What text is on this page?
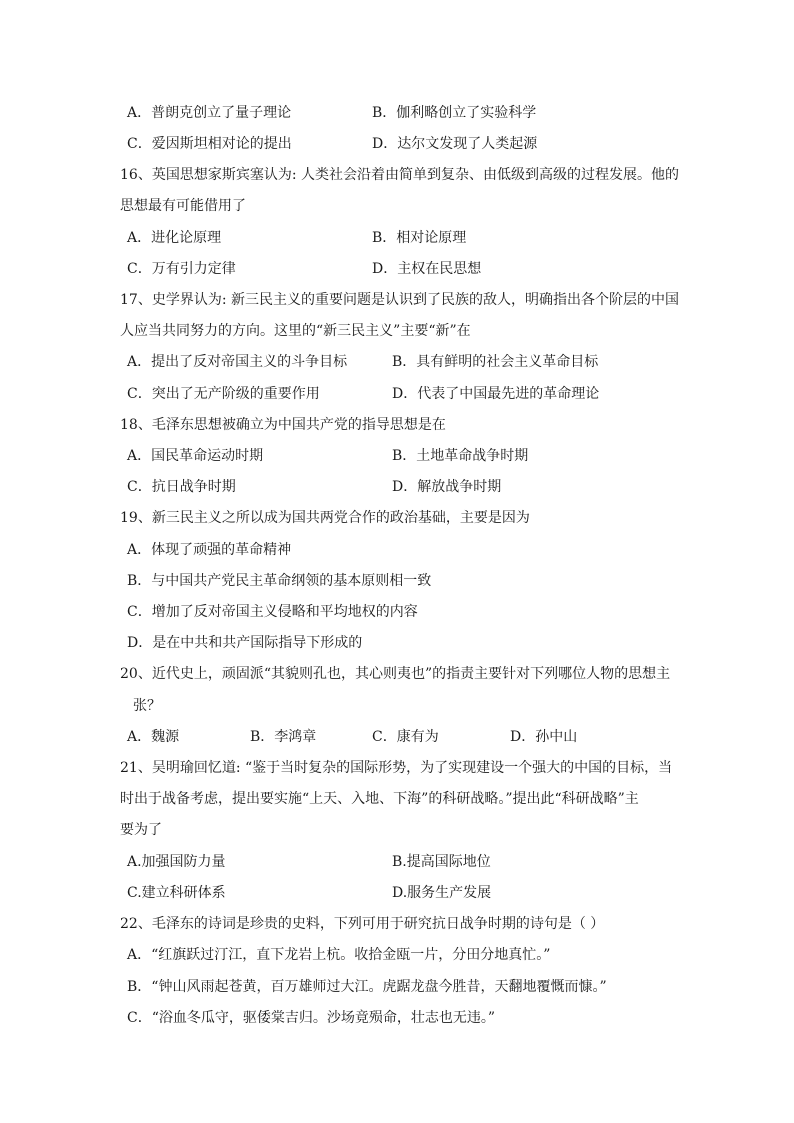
A．普朗克创立了量子理论	B．伽利略创立了实验科学
C．爱因斯坦相对论的提出	D．达尔文发现了人类起源
16、英国思想家斯宾塞认为: 人类社会沿着由简单到复杂、由低级到高级的过程发展。他的
思想最有可能借用了
A．进化论原理	B．相对论原理
C．万有引力定律	D．主权在民思想
17、史学界认为: 新三民主义的重要问题是认识到了民族的敌人，明确指出各个阶层的中国
人应当共同努力的方向。这里的“新三民主义”主要“新”在
A．提出了反对帝国主义的斗争目标	B．具有鲜明的社会主义革命目标
C．突出了无产阶级的重要作用	D．代表了中国最先进的革命理论
18、毛泽东思想被确立为中国共产党的指导思想是在
A．国民革命运动时期	B．土地革命战争时期
C．抗日战争时期	D．解放战争时期
19、新三民主义之所以成为国共两党合作的政治基础，主要是因为
A．体现了顽强的革命精神
B．与中国共产党民主革命纲领的基本原则相一致
C．增加了反对帝国主义侵略和平均地权的内容
D．是在中共和共产国际指导下形成的
20、近代史上，顽固派“其貌则孔也，其心则夷也”的指责主要针对下列哪位人物的思想主
张？
A．魏源	B．李鸿章	C．康有为	D．孙中山
21、吴明瑜回忆道: “鉴于当时复杂的国际形势，为了实现建设一个强大的中国的目标，当
时出于战备考虑，提出要实施“上天、入地、下海”的科研战略。”提出此“科研战略”主
要为了
A.加强国防力量	B.提高国际地位
C.建立科研体系	D.服务生产发展
22、毛泽东的诗词是珍贵的史料，下列可用于研究抗日战争时期的诗句是（ ）
A．“红旗跃过汀江，直下龙岩上杭。收拾金瓯一片，分田分地真忙。”
B．“钟山风雨起苍黄，百万雄师过大江。虎踞龙盘今胜昔，天翻地覆慨而慷。”
C．“浴血冬瓜守，驱倭棠吉归。沙场竟殒命，壮志也无违。”
